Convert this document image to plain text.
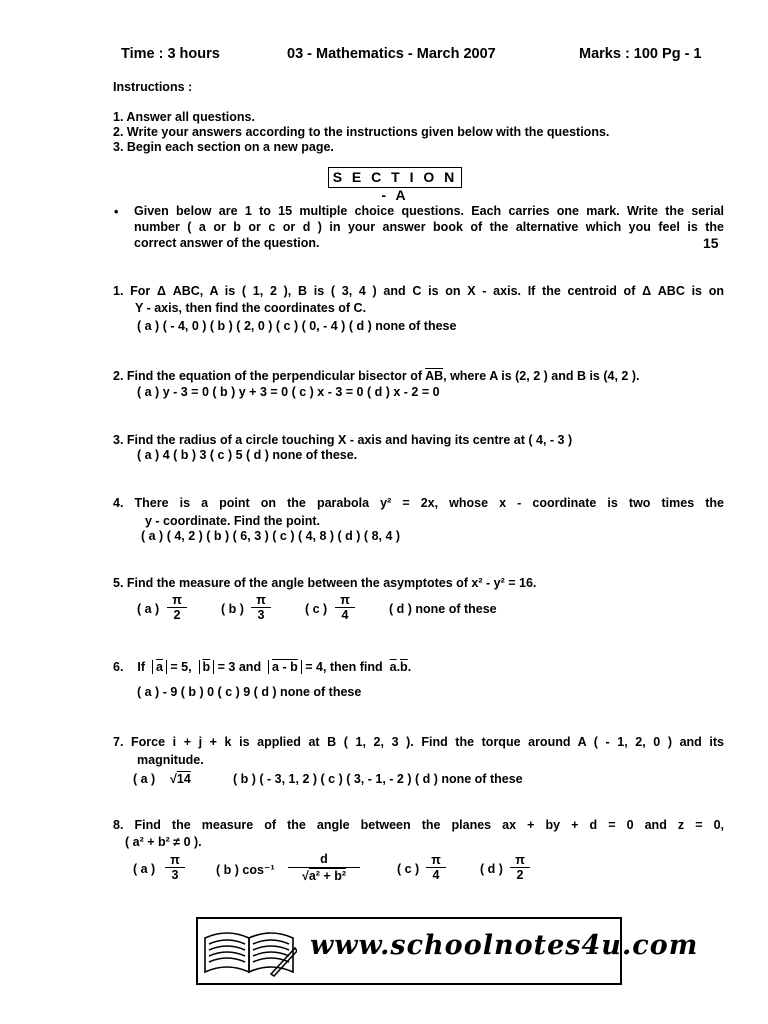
Time : 3 hours	03 - Mathematics - March 2007	Marks : 100 Pg - 1
Instructions :
1. Answer all questions.
2. Write your answers according to the instructions given below with the questions.
3. Begin each section on a new page.
S E C T I O N - A
• Given below are 1 to 15 multiple choice questions. Each carries one mark. Write the serial
number ( a or b or c or d ) in your answer book of the alternative which you feel is the
correct answer of the question.	15
1. For Δ ABC, A is ( 1, 2 ), B is ( 3, 4 ) and C is on X - axis. If the centroid of Δ ABC is on
Y - axis, then find the coordinates of C.
( a ) ( - 4, 0 ) ( b ) ( 2, 0 ) ( c ) ( 0, - 4 ) ( d ) none of these
2. Find the equation of the perpendicular bisector of $\overline{AB}$, where A is (2, 2 ) and B is (4, 2 ).
( a ) y - 3 = 0 ( b ) y + 3 = 0 ( c ) x - 3 = 0 ( d ) x - 2 = 0
3. Find the radius of a circle touching X - axis and having its centre at ( 4, - 3 )
( a ) 4 ( b ) 3 ( c ) 5 ( d ) none of these.
4. There is a point on the parabola y² = 2x, whose x - coordinate is two times the
y - coordinate. Find the point.
( a ) ( 4, 2 ) ( b ) ( 6, 3 ) ( c ) ( 4, 8 ) ( d ) ( 8, 4 )
5. Find the measure of the angle between the asymptotes of x² - y² = 16.
( a ) $\frac{\pi}{2}$	( b ) $\frac{\pi}{3}$	( c ) $\frac{\pi}{4}$	( d ) none of these
6. If $\overline{a} = 5$, $\overline{b} = 3$ and a - b = 4, then find $\overline{a}.\overline{b}$.
( a ) - 9 ( b ) 0 ( c ) 9 ( d ) none of these
7. Force i + j + k is applied at B ( 1, 2, 3 ). Find the torque around A ( - 1, 2, 0 ) and its
magnitude.
( a ) √14	( b ) ( - 3, 1, 2 ) ( c ) ( 3, - 1, - 2 ) ( d ) none of these
8. Find the measure of the angle between the planes ax + by + d = 0 and z = 0,
( a² + b² ≠ 0 ).
( a ) $\frac{\pi}{3}$ ( b ) $\cos^{-1} \frac{d}{\text{√a² + b²}}$	( c ) $\frac{\pi}{4}$	( d ) $\frac{\pi}{2}$
www.schoolnotes4u.com
